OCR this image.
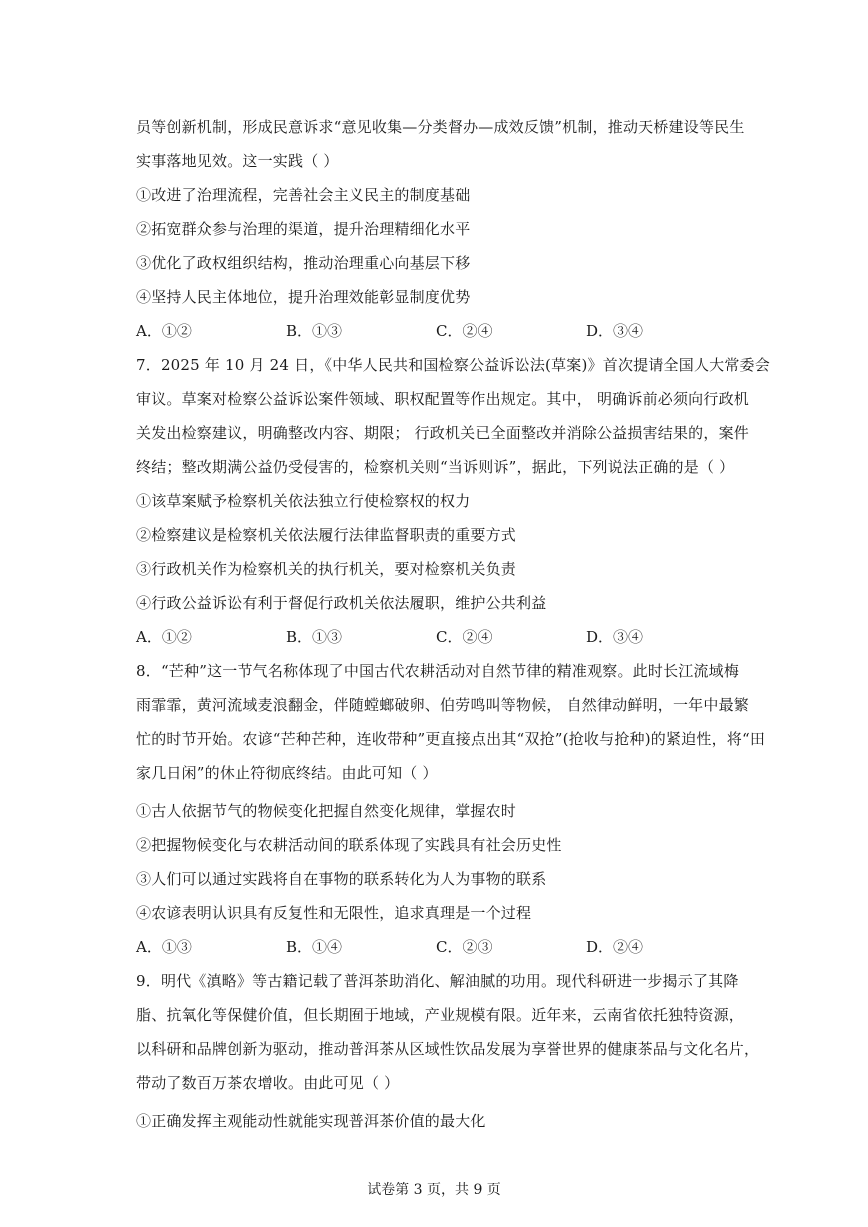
员等创新机制，形成民意诉求“意见收集—分类督办—成效反馈”机制，推动天桥建设等民生
实事落地见效。这一实践（ ）
①改进了治理流程，完善社会主义民主的制度基础
②拓宽群众参与治理的渠道，提升治理精细化水平
③优化了政权组织结构，推动治理重心向基层下移
④坚持人民主体地位，提升治理效能彰显制度优势
A．①②	B．①③	C．②④	D．③④
7．2025 年 10 月 24 日，《中华人民共和国检察公益诉讼法(草案)》首次提请全国人大常委会
审议。草案对检察公益诉讼案件领域、职权配置等作出规定。其中， 明确诉前必须向行政机
关发出检察建议，明确整改内容、期限； 行政机关已全面整改并消除公益损害结果的，案件
终结；整改期满公益仍受侵害的，检察机关则“当诉则诉”，据此，下列说法正确的是（ ）
①该草案赋予检察机关依法独立行使检察权的权力
②检察建议是检察机关依法履行法律监督职责的重要方式
③行政机关作为检察机关的执行机关，要对检察机关负责
④行政公益诉讼有利于督促行政机关依法履职，维护公共利益
A．①②	B．①③	C．②④	D．③④
8．“芒种”这一节气名称体现了中国古代农耕活动对自然节律的精准观察。此时长江流域梅
雨霏霏，黄河流域麦浪翻金，伴随螳螂破卵、伯劳鸣叫等物候， 自然律动鲜明，一年中最繁
忙的时节开始。农谚“芒种芒种，连收带种”更直接点出其“双抢”(抢收与抢种)的紧迫性，将“田
家几日闲”的休止符彻底终结。由此可知（ ）
①古人依据节气的物候变化把握自然变化规律，掌握农时
②把握物候变化与农耕活动间的联系体现了实践具有社会历史性
③人们可以通过实践将自在事物的联系转化为人为事物的联系
④农谚表明认识具有反复性和无限性，追求真理是一个过程
A．①③	B．①④	C．②③	D．②④
9．明代《滇略》等古籍记载了普洱茶助消化、解油腻的功用。现代科研进一步揭示了其降
脂、抗氧化等保健价值，但长期囿于地域，产业规模有限。近年来，云南省依托独特资源，
以科研和品牌创新为驱动，推动普洱茶从区域性饮品发展为享誉世界的健康茶品与文化名片，
带动了数百万茶农增收。由此可见（ ）
①正确发挥主观能动性就能实现普洱茶价值的最大化
试卷第 3 页，共 9 页
